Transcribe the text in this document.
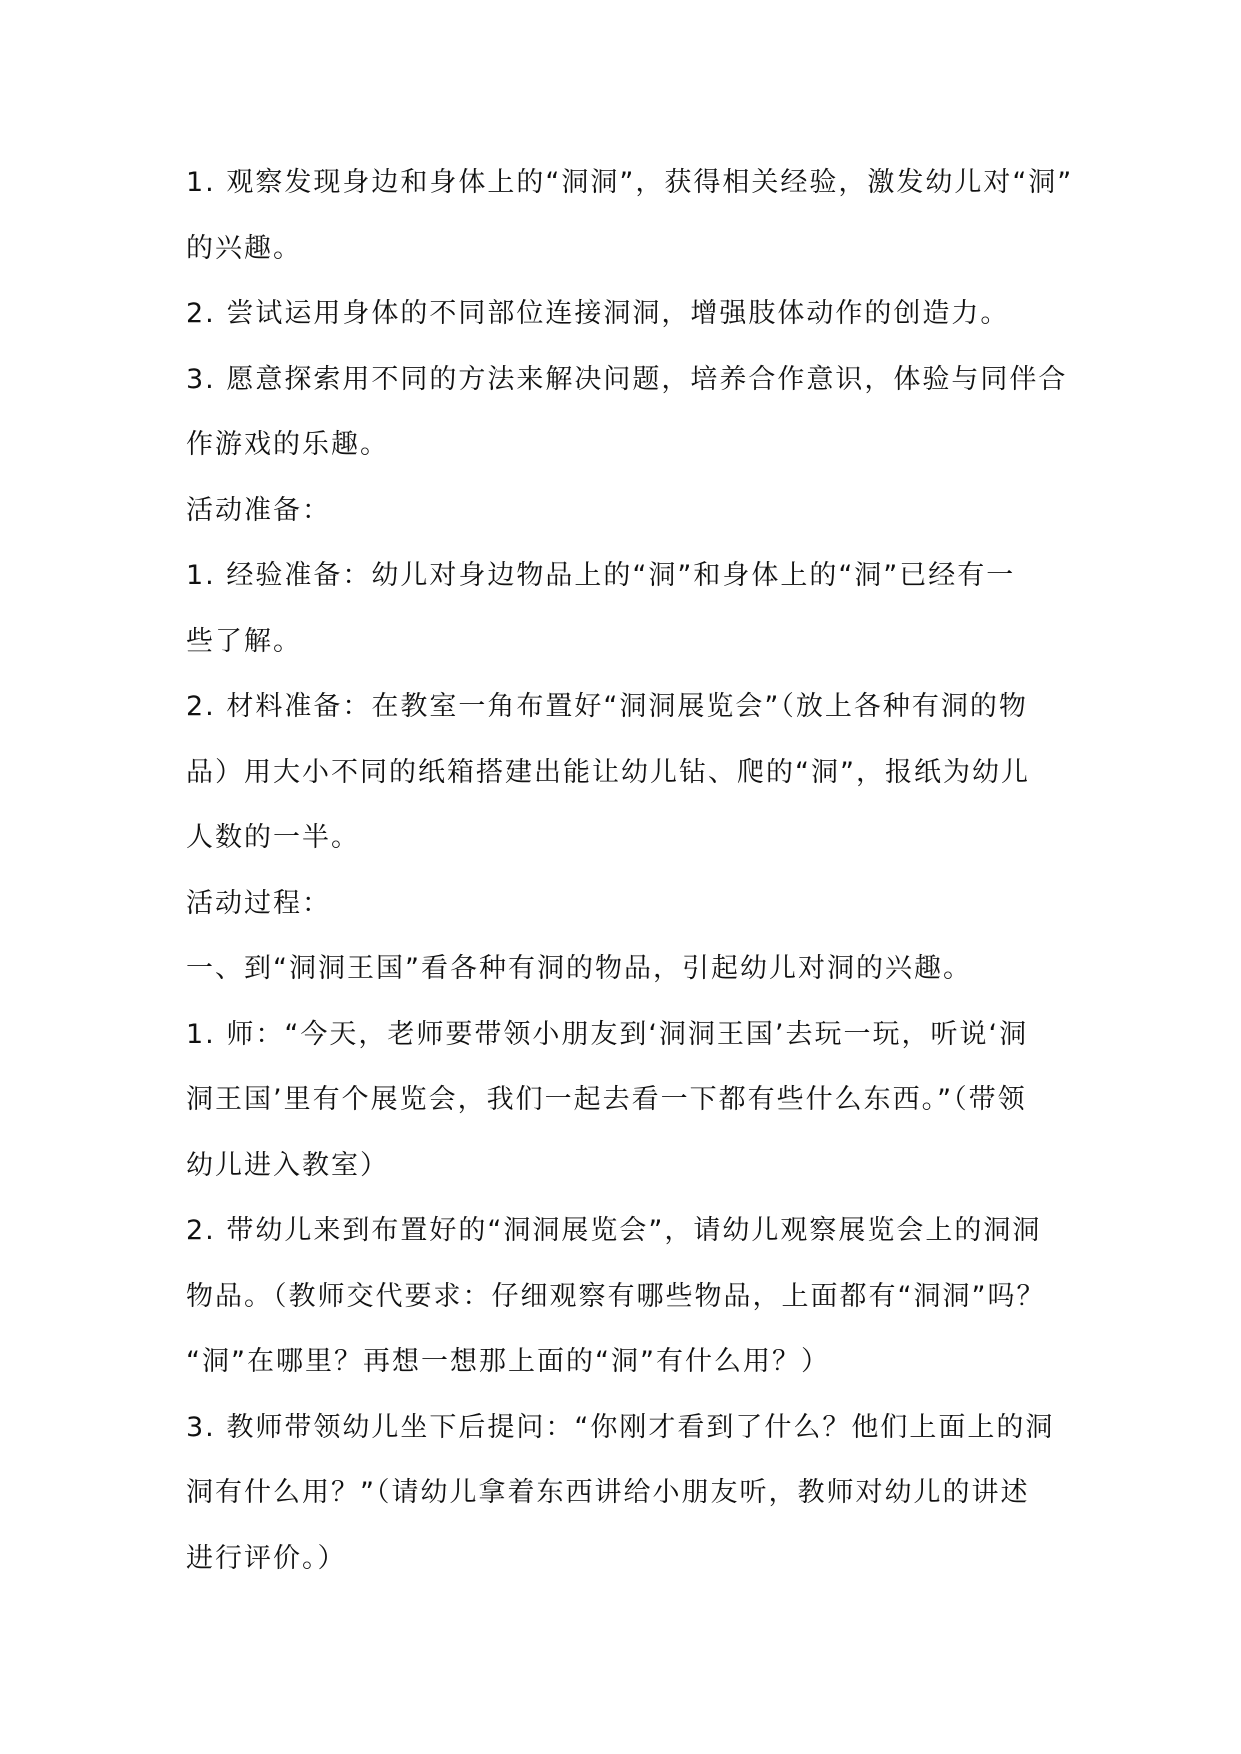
1. 观察发现身边和身体上的“洞洞”，获得相关经验，激发幼儿对“洞”
的兴趣。
2. 尝试运用身体的不同部位连接洞洞，增强肢体动作的创造力。
3. 愿意探索用不同的方法来解决问题，培养合作意识，体验与同伴合
作游戏的乐趣。
活动准备：
1. 经验准备：幼儿对身边物品上的“洞”和身体上的“洞”已经有一
些了解。
2. 材料准备：在教室一角布置好“洞洞展览会”（放上各种有洞的物
品）用大小不同的纸箱搭建出能让幼儿钻、爬的“洞”，报纸为幼儿
人数的一半。
活动过程：
一、到“洞洞王国”看各种有洞的物品，引起幼儿对洞的兴趣。
1. 师：“今天，老师要带领小朋友到‘洞洞王国’去玩一玩，听说‘洞
洞王国’里有个展览会，我们一起去看一下都有些什么东西。”（带领
幼儿进入教室）
2. 带幼儿来到布置好的“洞洞展览会”，请幼儿观察展览会上的洞洞
物品。（教师交代要求：仔细观察有哪些物品，上面都有“洞洞”吗？
“洞”在哪里？再想一想那上面的“洞”有什么用？）
3. 教师带领幼儿坐下后提问：“你刚才看到了什么？他们上面上的洞
洞有什么用？”（请幼儿拿着东西讲给小朋友听，教师对幼儿的讲述
进行评价。）
